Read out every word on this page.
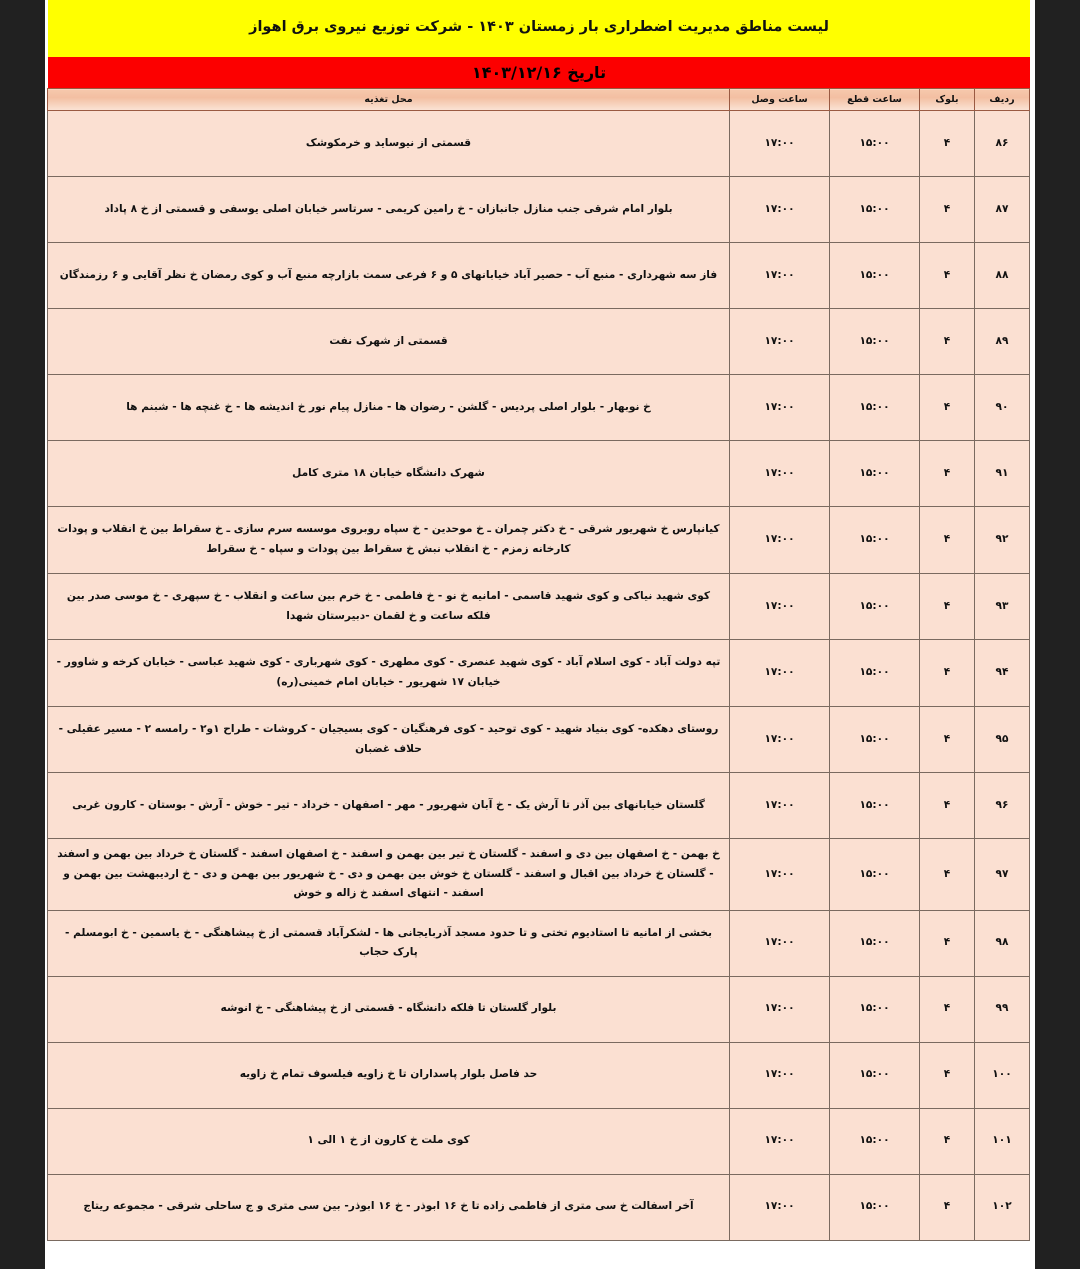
لیست مناطق مدیریت اضطراری بار زمستان ۱۴۰۳ - شرکت توزیع نیروی برق اهواز
تاریخ ۱۴۰۳/۱۲/۱۶
ردیف	بلوک	ساعت قطع	ساعت وصل	محل تغذیه
۸۶	۴	۱۵:۰۰	۱۷:۰۰	قسمتی از نیوساید و خرمکوشک
۸۷	۴	۱۵:۰۰	۱۷:۰۰	بلوار امام شرقی جنب منازل جانبازان - خ رامین کریمی - سرتاسر خیابان اصلی یوسفی و قسمتی از خ ۸ پاداد
۸۸	۴	۱۵:۰۰	۱۷:۰۰	فاز سه شهرداری - منبع آب - حصیر آباد خیابانهای ۵ و ۶ فرعی سمت بازارچه منبع آب و کوی رمضان خ نظر آقایی و ۶ رزمندگان
۸۹	۴	۱۵:۰۰	۱۷:۰۰	قسمتی از شهرک نفت
۹۰	۴	۱۵:۰۰	۱۷:۰۰	خ نوبهار - بلوار اصلی پردیس - گلشن - رضوان ها - منازل پیام نور خ اندیشه ها - خ غنچه ها - شبنم ها
۹۱	۴	۱۵:۰۰	۱۷:۰۰	شهرک دانشگاه خیابان ۱۸ متری کامل
۹۲	۴	۱۵:۰۰	۱۷:۰۰	کیانپارس خ شهریور شرقی - خ دکتر چمران ـ خ موحدین - خ سپاه روبروی موسسه سرم سازی ـ خ سقراط بین خ انقلاب و پودات کارخانه زمزم - خ انقلاب نبش خ سقراط بین پودات و سپاه - خ سقراط
۹۳	۴	۱۵:۰۰	۱۷:۰۰	کوی شهید نیاکی و کوی شهید قاسمی - امانیه خ نو - خ فاطمی - خ خرم بین ساعت و انقلاب - خ سپهری - خ موسی صدر بین فلکه ساعت و خ لقمان -دبیرستان شهدا
۹۴	۴	۱۵:۰۰	۱۷:۰۰	تپه دولت آباد - کوی اسلام آباد - کوی شهید عنصری - کوی مطهری - کوی شهرباری - کوی شهید عباسی - خیابان کرخه و شاوور - خیابان ۱۷ شهریور - خیابان امام خمینی(ره)
۹۵	۴	۱۵:۰۰	۱۷:۰۰	روستای دهکده- کوی بنیاد شهید - کوی توحید - کوی فرهنگیان - کوی بسیجیان - کروشات - طراح ۱و۲ - رامسه ۲ - مسیر عقیلی - حلاف غضبان
۹۶	۴	۱۵:۰۰	۱۷:۰۰	گلستان خیابانهای بین آذر تا آرش یک - خ آبان شهریور - مهر - اصفهان - خرداد - تیر - خوش - آرش - بوستان - کارون غربی
۹۷	۴	۱۵:۰۰	۱۷:۰۰	خ بهمن - خ اصفهان بین دی و اسفند - گلستان خ تیر بین بهمن و اسفند - خ اصفهان اسفند - گلستان خ خرداد بین بهمن و اسفند - گلستان خ خرداد بین اقبال و اسفند - گلستان خ خوش بین بهمن و دی - خ شهریور بین بهمن و دی - خ اردیبهشت بین بهمن و اسفند - انتهای اسفند خ زاله و خوش
۹۸	۴	۱۵:۰۰	۱۷:۰۰	بخشی از امانیه تا استادیوم تختی و تا حدود مسجد آذربایجانی ها - لشکرآباد قسمتی از خ پیشاهنگی - خ یاسمین - خ ابومسلم - پارک حجاب
۹۹	۴	۱۵:۰۰	۱۷:۰۰	بلوار گلستان تا فلکه دانشگاه - قسمتی از خ پیشاهنگی - خ انوشه
۱۰۰	۴	۱۵:۰۰	۱۷:۰۰	حد فاصل بلوار پاسداران تا خ زاویه فیلسوف تمام خ زاویه
۱۰۱	۴	۱۵:۰۰	۱۷:۰۰	کوی ملت خ کارون از خ ۱ الی ۱
۱۰۲	۴	۱۵:۰۰	۱۷:۰۰	آخر اسفالت خ سی متری از فاطمی زاده تا خ ۱۶ ابوذر - خ ۱۶ ابوذر- بین سی متری و ج ساحلی شرقی - مجموعه ریتاج
